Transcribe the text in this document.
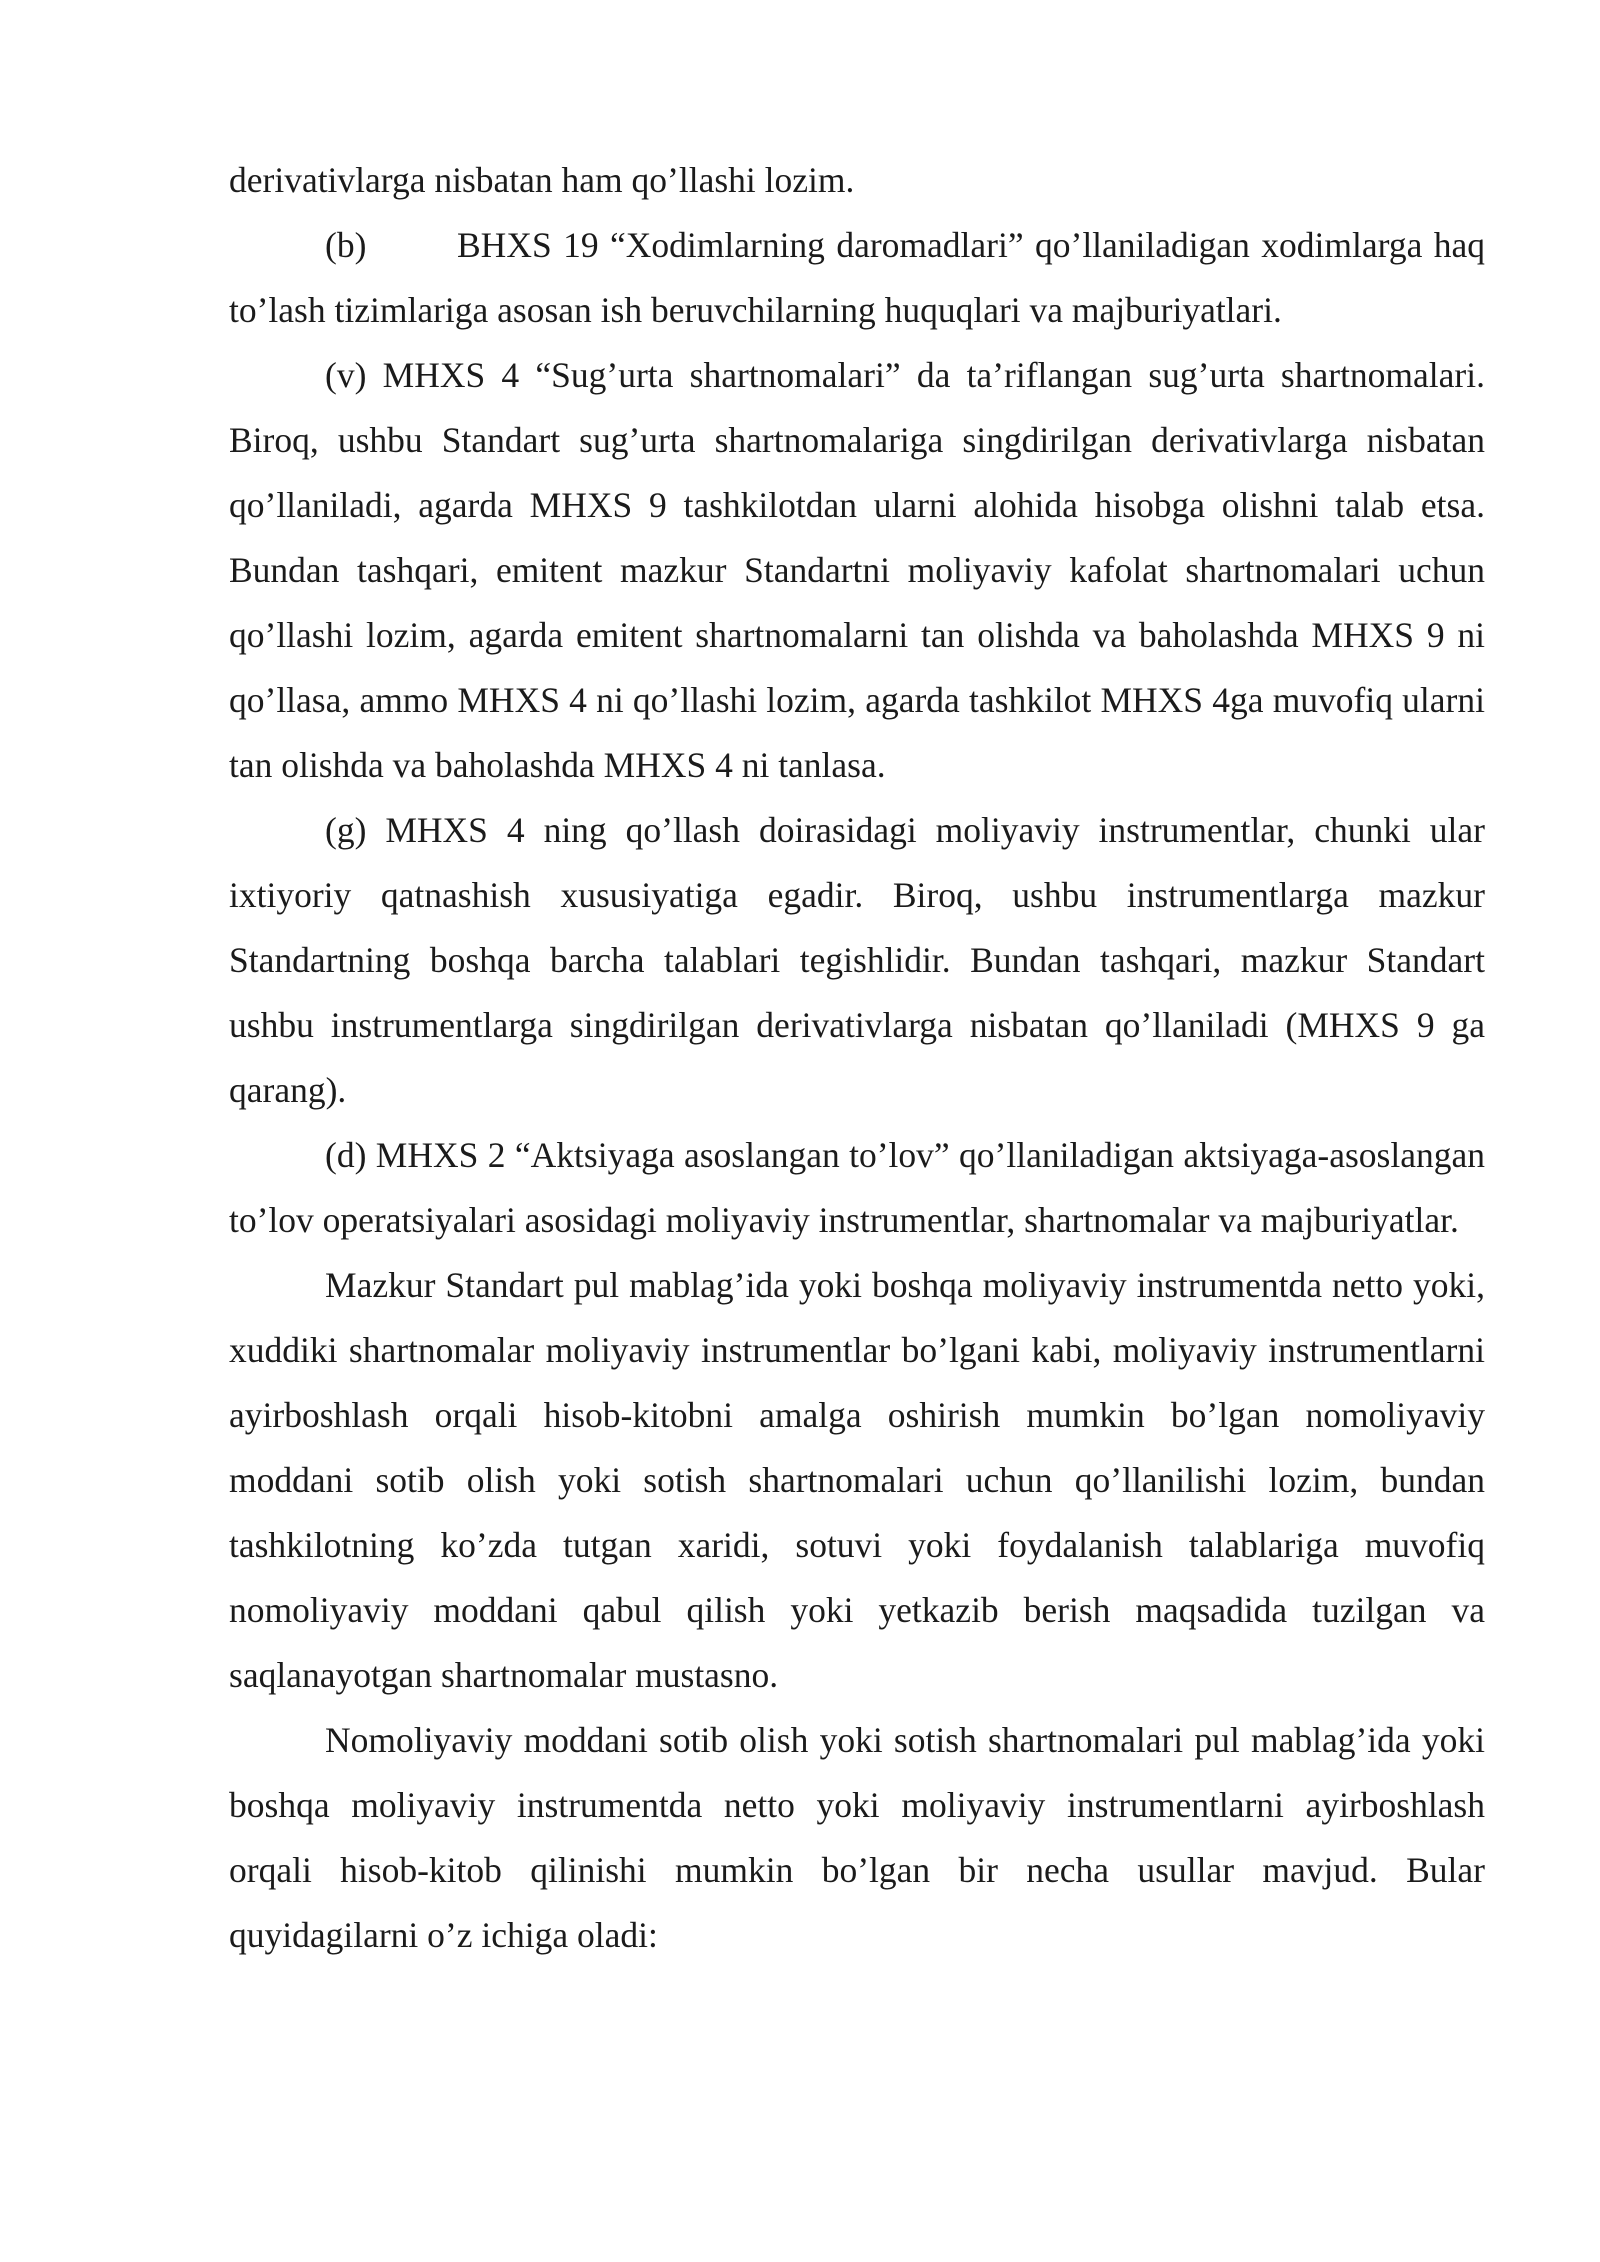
derivativlarga nisbatan ham qo’llashi lozim.

(b)	BHXS 19 “Xodimlarning daromadlari” qo’llaniladigan xodimlarga haq to’lash tizimlariga asosan ish beruvchilarning huquqlari va majburiyatlari.

(v) MHXS 4 “Sug’urta shartnomalari” da ta’riflangan sug’urta shartnomalari. Biroq, ushbu Standart sug’urta shartnomalariga singdirilgan derivativlarga nisbatan qo’llaniladi, agarda MHXS 9 tashkilotdan ularni alohida hisobga olishni talab etsa. Bundan tashqari, emitent mazkur Standartni moliyaviy kafolat shartnomalari uchun qo’llashi lozim, agarda emitent shartnomalarni tan olishda va baholashda MHXS 9 ni qo’llasa, ammo MHXS 4 ni qo’llashi lozim, agarda tashkilot MHXS 4ga muvofiq ularni tan olishda va baholashda MHXS 4 ni tanlasa.

(g) MHXS 4 ning qo’llash doirasidagi moliyaviy instrumentlar, chunki ular ixtiyoriy qatnashish xususiyatiga egadir. Biroq, ushbu instrumentlarga mazkur Standartning boshqa barcha talablari tegishlidir. Bundan tashqari, mazkur Standart ushbu instrumentlarga singdirilgan derivativlarga nisbatan qo’llaniladi (MHXS 9 ga qarang).

(d) MHXS 2 “Aktsiyaga asoslangan to’lov” qo’llaniladigan aktsiyaga-asoslangan to’lov operatsiyalari asosidagi moliyaviy instrumentlar, shartnomalar va majburiyatlar.

Mazkur Standart pul mablag’ida yoki boshqa moliyaviy instrumentda netto yoki, xuddiki shartnomalar moliyaviy instrumentlar bo’lgani kabi, moliyaviy instrumentlarni ayirboshlash orqali hisob-kitobni amalga oshirish mumkin bo’lgan nomoliyaviy moddani sotib olish yoki sotish shartnomalari uchun qo’llanilishi lozim, bundan tashkilotning ko’zda tutgan xaridi, sotuvi yoki foydalanish talablariga muvofiq nomoliyaviy moddani qabul qilish yoki yetkazib berish maqsadida tuzilgan va saqlanayotgan shartnomalar mustasno.

Nomoliyaviy moddani sotib olish yoki sotish shartnomalari pul mablag’ida yoki boshqa moliyaviy instrumentda netto yoki moliyaviy instrumentlarni ayirboshlash orqali hisob-kitob qilinishi mumkin bo’lgan bir necha usullar mavjud. Bular quyidagilarni o’z ichiga oladi:
